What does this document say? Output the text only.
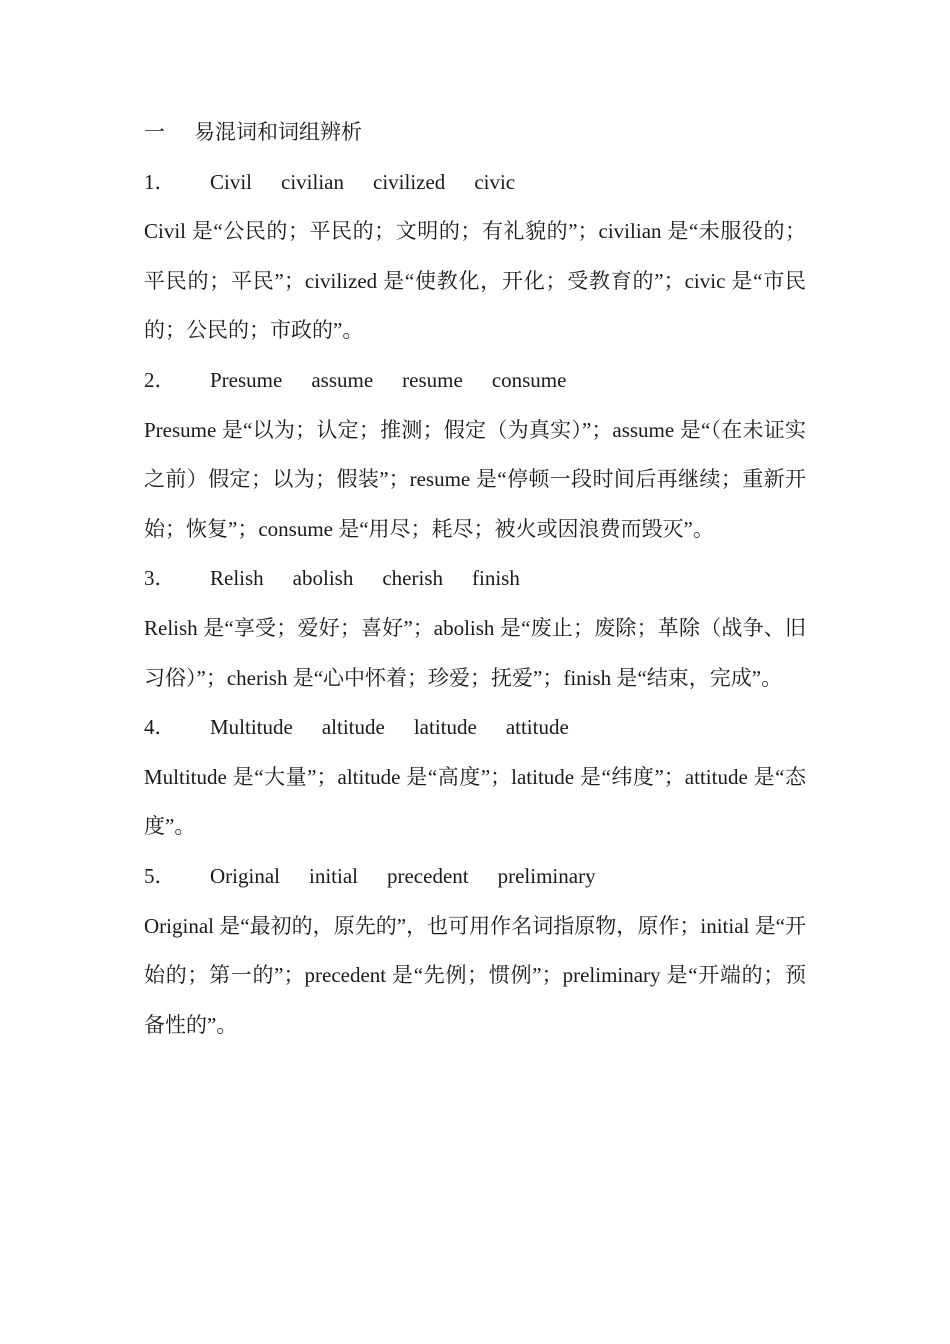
一	易混词和词组辨析
1．	Civil civilian civilized civic
Civil 是“公民的；平民的；文明的；有礼貌的”；civilian 是“未服役的；平民的；平民”；civilized 是“使教化，开化；受教育的”；civic 是“市民的；公民的；市政的”。
2．	Presume assume resume consume
Presume 是“以为；认定；推测；假定（为真实）”；assume 是“（在未证实之前）假定；以为；假装”；resume 是“停顿一段时间后再继续；重新开始；恢复”；consume 是“用尽；耗尽；被火或因浪费而毁灭”。
3．	Relish abolish cherish finish
Relish 是“享受；爱好；喜好”；abolish 是“废止；废除；革除（战争、旧习俗）”；cherish 是“心中怀着；珍爱；抚爱”；finish 是“结束，完成”。
4．	Multitude altitude latitude attitude
Multitude 是“大量”；altitude 是“高度”；latitude 是“纬度”；attitude 是“态度”。
5．	Original initial precedent preliminary
Original 是“最初的，原先的”，也可用作名词指原物，原作；initial 是“开始的；第一的”；precedent 是“先例；惯例”；preliminary 是“开端的；预备性的”。
